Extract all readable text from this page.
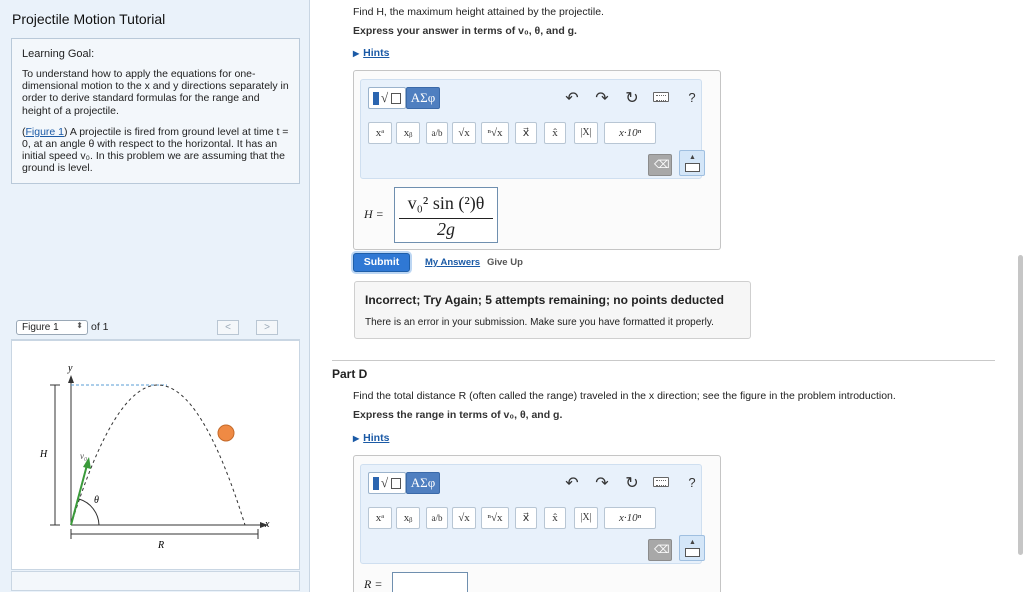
Projectile Motion Tutorial
Learning Goal:

To understand how to apply the equations for one-dimensional motion to the x and y directions separately in order to derive standard formulas for the range and height of a projectile.

(Figure 1) A projectile is fired from ground level at time t = 0, at an angle θ with respect to the horizontal. It has an initial speed v₀. In this problem we are assuming that the ground is level.

Figure 1 ⬍ of 1	<	>
y
x
H
R
v₀
θ
Find H, the maximum height attained by the projectile.
Express your answer in terms of v₀, θ, and g.
▶ Hints
√	ΑΣφ	↶ ↷ ↻	?
xᵃ	xᵦ	a/b	√x	ⁿ√x	x⃗	x̂	|X|	x·10ⁿ
⌫
▲
H =
v₀² sin (²)θ
2g
Submit	My Answers Give Up
Incorrect; Try Again; 5 attempts remaining; no points deducted
There is an error in your submission. Make sure you have formatted it properly.
Part D
Find the total distance R (often called the range) traveled in the x direction; see the figure in the problem introduction.
Express the range in terms of v₀, θ, and g.
▶ Hints
√	ΑΣφ	↶ ↷ ↻	?
xᵃ	xᵦ	a/b	√x	ⁿ√x	x⃗	x̂	|X|	x·10ⁿ
⌫
▲
R =
